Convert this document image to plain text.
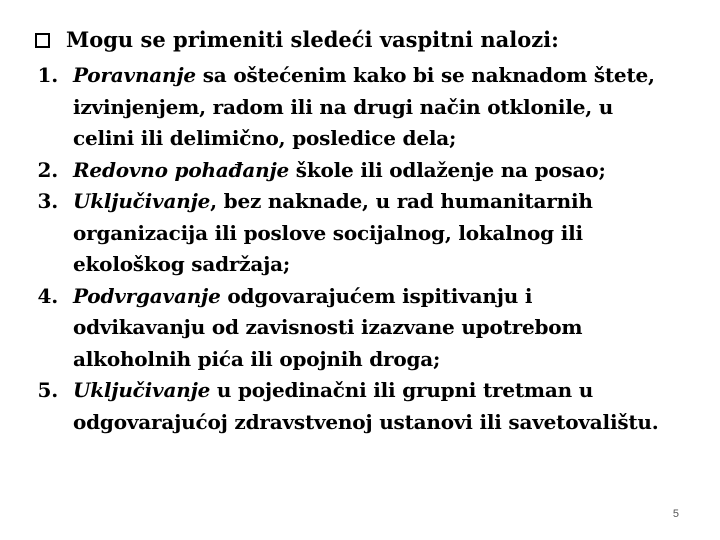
Mogu se primeniti sledeći vaspitni nalozi:
1. Poravnanje sa oštećenim kako bi se naknadom štete, izvinjenjem, radom ili na drugi način otklonile, u celini ili delimično, posledice dela;
2. Redovno pohađanje škole ili odlaženje na posao;
3. Uključivanje, bez naknade, u rad humanitarnih organizacija ili poslove socijalnog, lokalnog ili ekološkog sadržaja;
4. Podvrgavanje odgovarajućem ispitivanju i odvikavanju od zavisnosti izazvane upotrebom alkoholnih pića ili opojnih droga;
5. Uključivanje u pojedinačni ili grupni tretman u odgovarajućoj zdravstvenoj ustanovi ili savetovalištu.
5
